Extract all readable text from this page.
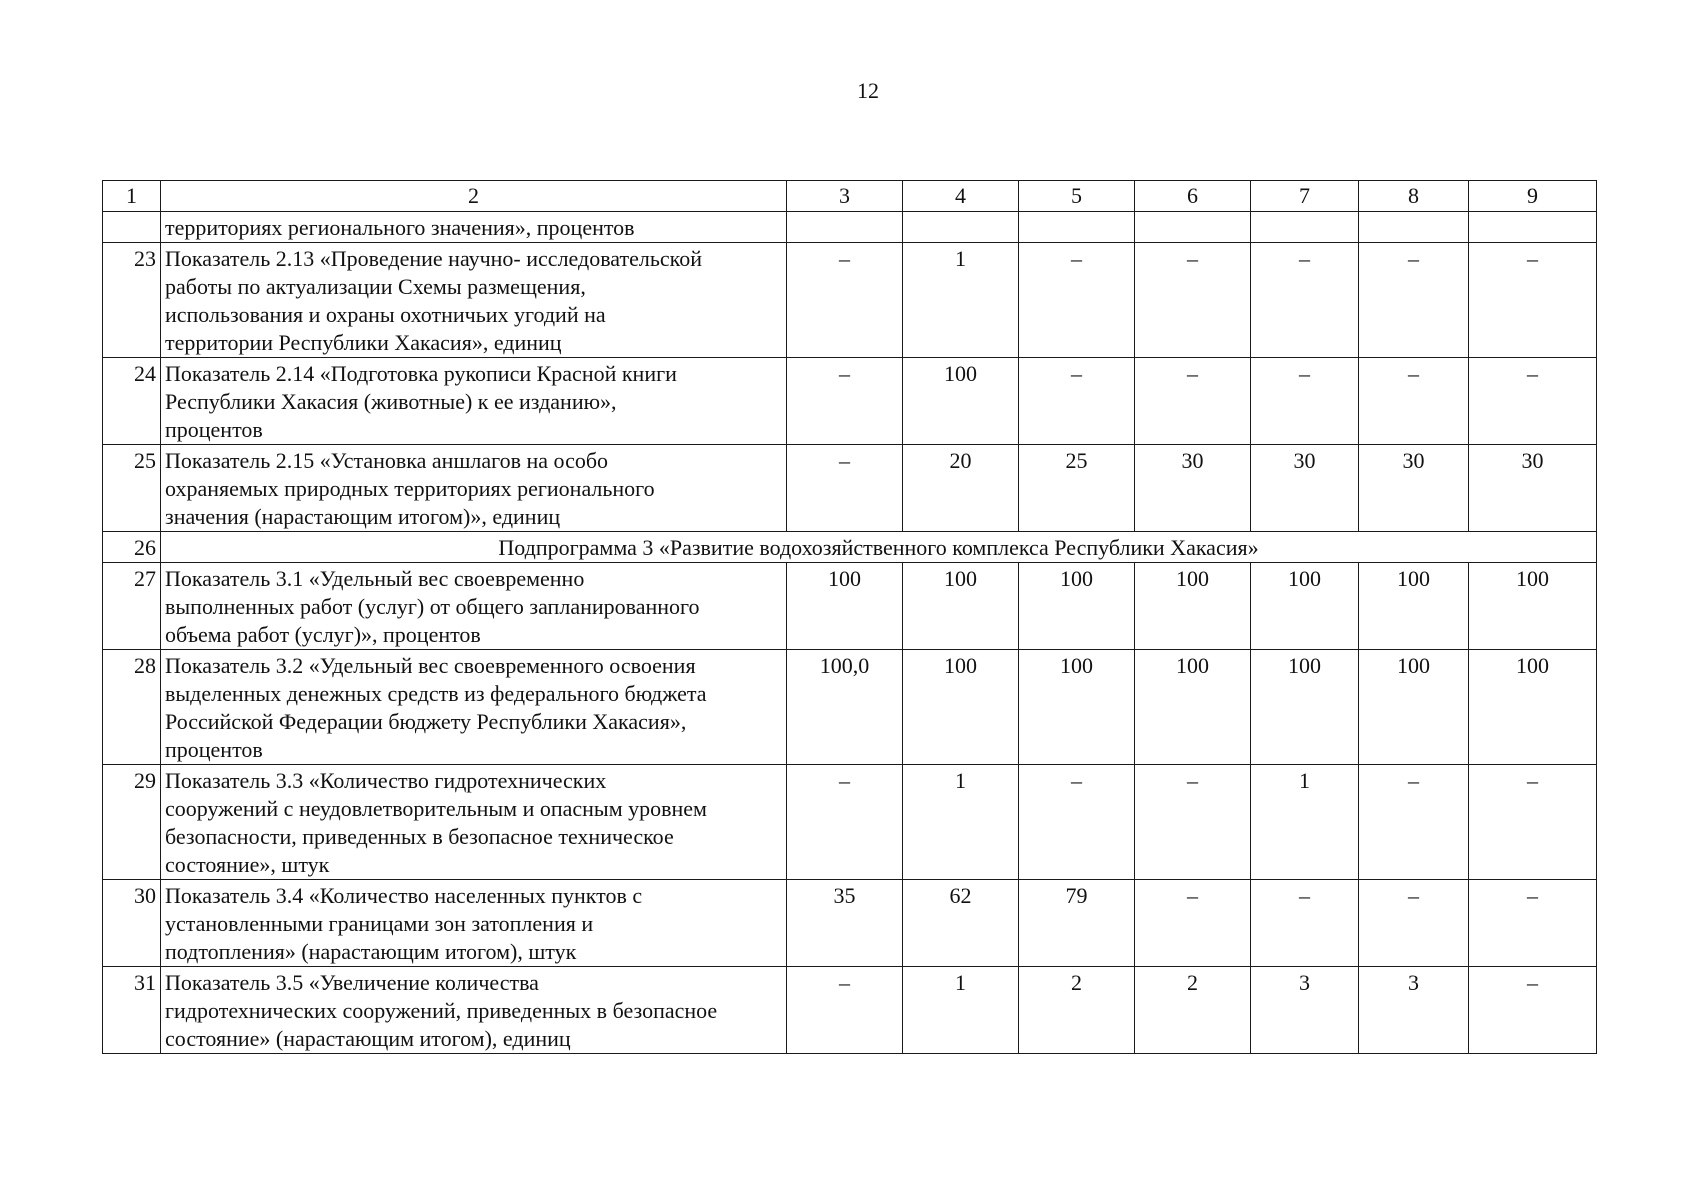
12
1	2	3	4	5	6	7	8	9
	территориях регионального значения», процентов							
23	Показатель 2.13 «Проведение научно- исследовательской
работы по актуализации Схемы размещения,
использования и охраны охотничьих угодий на
территории Республики Хакасия», единиц	–	1	–	–	–	–	–
24	Показатель 2.14 «Подготовка рукописи Красной книги
Республики Хакасия (животные) к ее изданию»,
процентов	–	100	–	–	–	–	–
25	Показатель 2.15 «Установка аншлагов на особо
охраняемых природных территориях регионального
значения (нарастающим итогом)», единиц	–	20	25	30	30	30	30
26	Подпрограмма 3 «Развитие водохозяйственного комплекса Республики Хакасия»							
27	Показатель 3.1 «Удельный вес своевременно
выполненных работ (услуг) от общего запланированного
объема работ (услуг)», процентов	100	100	100	100	100	100	100
28	Показатель 3.2 «Удельный вес своевременного освоения
выделенных денежных средств из федерального бюджета
Российской Федерации бюджету Республики Хакасия»,
процентов	100,0	100	100	100	100	100	100
29	Показатель 3.3 «Количество гидротехнических
сооружений с неудовлетворительным и опасным уровнем
безопасности, приведенных в безопасное техническое
состояние», штук	–	1	–	–	1	–	–
30	Показатель 3.4 «Количество населенных пунктов с
установленными границами зон затопления и
подтопления» (нарастающим итогом), штук	35	62	79	–	–	–	–
31	Показатель 3.5 «Увеличение количества
гидротехнических сооружений, приведенных в безопасное
состояние» (нарастающим итогом), единиц	–	1	2	2	3	3	–
